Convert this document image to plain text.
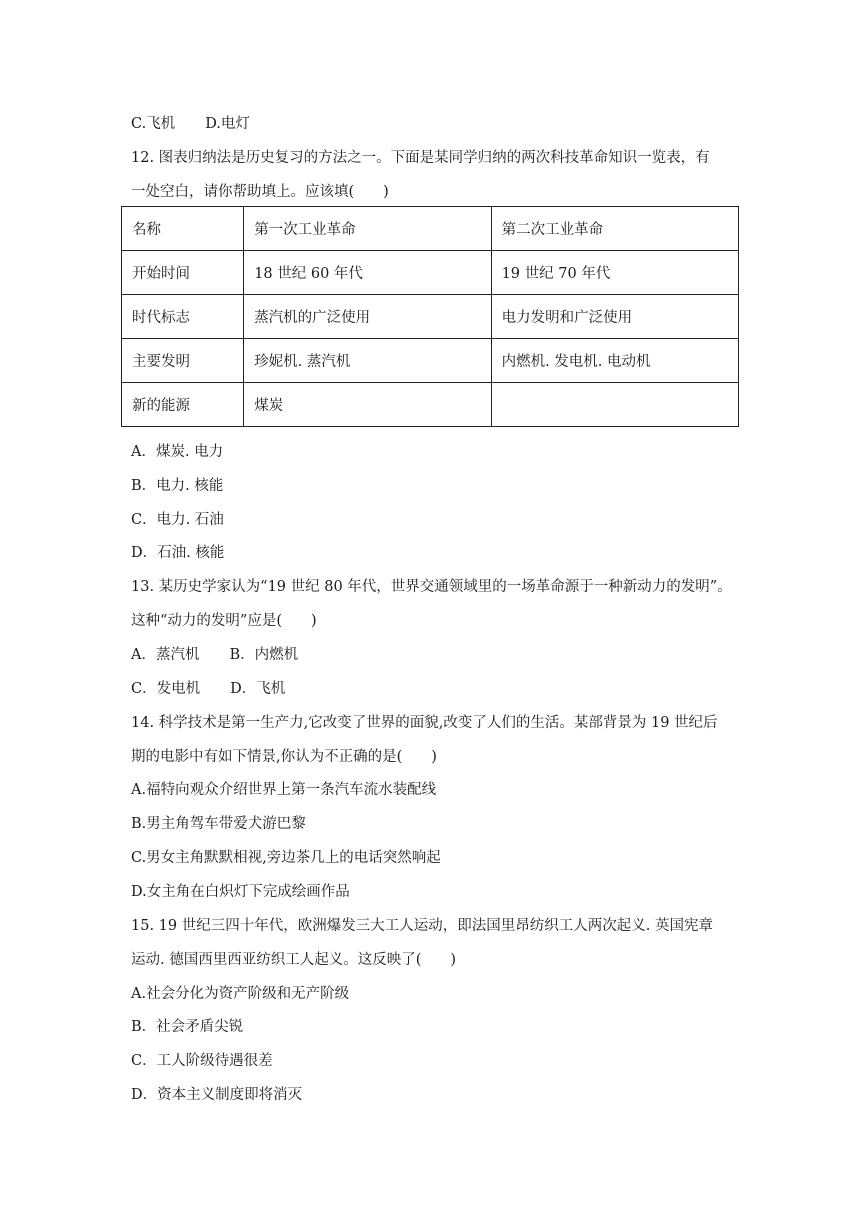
C.飞机 D.电灯
12. 图表归纳法是历史复习的方法之一。下面是某同学归纳的两次科技革命知识一览表，有
一处空白，请你帮助填上。应该填(　　)
名称	第一次工业革命	第二次工业革命
开始时间	18 世纪 60 年代	19 世纪 70 年代
时代标志	蒸汽机的广泛使用	电力发明和广泛使用
主要发明	珍妮机. 蒸汽机	内燃机. 发电机. 电动机
新的能源	煤炭	
A．煤炭. 电力
B．电力. 核能
C．电力. 石油
D．石油. 核能
13. 某历史学家认为“19 世纪 80 年代，世界交通领域里的一场革命源于一种新动力的发明”。
这种“动力的发明”应是(　　)
A．蒸汽机 B．内燃机
C．发电机 D．飞机
14. 科学技术是第一生产力,它改变了世界的面貌,改变了人们的生活。某部背景为 19 世纪后
期的电影中有如下情景,你认为不正确的是(　　)
A.福特向观众介绍世界上第一条汽车流水装配线
B.男主角驾车带爱犬游巴黎
C.男女主角默默相视,旁边茶几上的电话突然响起
D.女主角在白炽灯下完成绘画作品
15. 19 世纪三四十年代，欧洲爆发三大工人运动，即法国里昂纺织工人两次起义. 英国宪章
运动. 德国西里西亚纺织工人起义。这反映了(　　)
A.社会分化为资产阶级和无产阶级
B．社会矛盾尖锐
C．工人阶级待遇很差
D．资本主义制度即将消灭
